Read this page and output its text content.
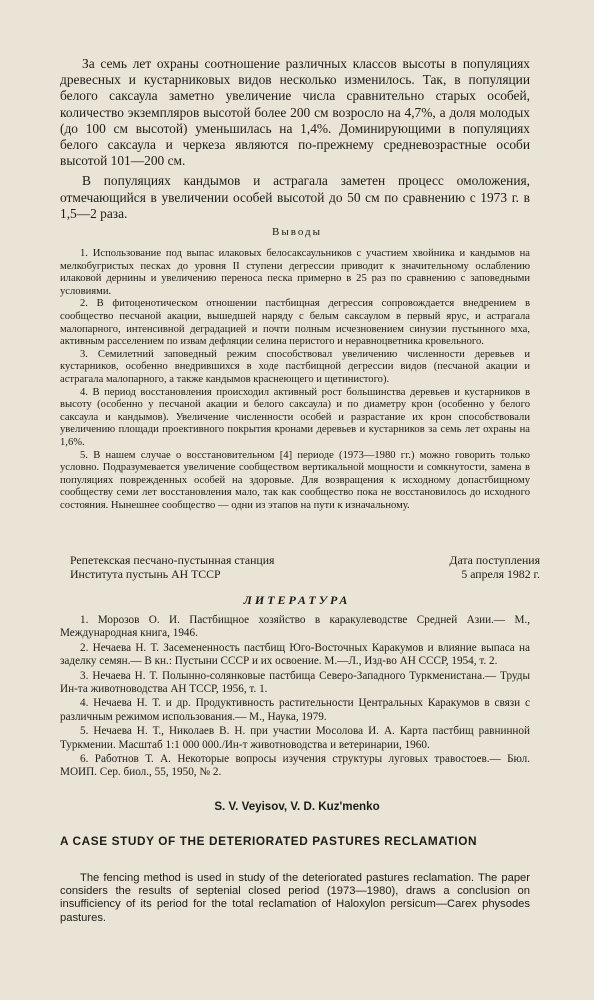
За семь лет охраны соотношение различных классов высоты в популяциях древесных и кустарниковых видов несколько изменилось. Так, в популяции белого саксаула заметно увеличение числа сравнительно старых особей, количество экземпляров высотой более 200 см возросло на 4,7%, а доля молодых (до 100 см высотой) уменьшилась на 1,4%. Доминирующими в популяциях белого саксаула и черкеза являются по-прежнему средневозрастные особи высотой 101—200 см.

В популяциях кандымов и астрагала заметен процесс омоложения, отмечающийся в увеличении особей высотой до 50 см по сравнению с 1973 г. в 1,5—2 раза.

Выводы

1. Использование под выпас илаковых белосаксаульников с участием хвойника и кандымов на мелкобугристых песках до уровня II ступени дегрессии приводит к значительному ослаблению илаковой дернины и увеличению переноса песка примерно в 25 раз по сравнению с заповедными условиями.

2. В фитоценотическом отношении пастбищная дегрессия сопровождается внедрением в сообщество песчаной акации, вышедшей наряду с белым саксаулом в первый ярус, и астрагала малопарного, интенсивной деградацией и почти полным исчезновением синузии пустынного мха, активным расселением по извам дефляции селина перистого и неравноцветника кровельного.

3. Семилетний заповедный режим способствовал увеличению численности деревьев и кустарников, особенно внедрившихся в ходе пастбищной дегрессии видов (песчаной акации и астрагала малопарного, а также кандымов краснеющего и щетинистого).

4. В период восстановления происходил активный рост большинства деревьев и кустарников в высоту (особенно у песчаной акации и белого саксаула) и по диаметру крон (особенно у белого саксаула и кандымов). Увеличение численности особей и разрастание их крон способствовали увеличению площади проективного покрытия кронами деревьев и кустарников за семь лет охраны на 1,6%.

5. В нашем случае о восстановительном [4] периоде (1973—1980 гг.) можно говорить только условно. Подразумевается увеличение сообществом вертикальной мощности и сомкнутости, замена в популяциях поврежденных особей на здоровые. Для возвращения к исходному допастбищному сообществу семи лет восстановления мало, так как сообщество пока не восстановилось до исходного состояния. Нынешнее сообщество — одни из этапов на пути к изначальному.

Репетекская песчано-пустынная станция
Института пустынь АН ТССР
Дата поступления
5 апреля 1982 г.
ЛИТЕРАТУРА

1. Морозов О. И. Пастбищное хозяйство в каракулеводстве Средней Азии.— М., Международная книга, 1946.

2. Нечаева Н. Т. Засемененность пастбищ Юго-Восточных Каракумов и влияние выпаса на заделку семян.— В кн.: Пустыни СССР и их освоение. М.—Л., Изд-во АН СССР, 1954, т. 2.

3. Нечаева Н. Т. Полынно-солянковые пастбища Северо-Западного Туркменистана.— Труды Ин-та животноводства АН ТССР, 1956, т. 1.

4. Нечаева Н. Т. и др. Продуктивность растительности Центральных Каракумов в связи с различным режимом использования.— М., Наука, 1979.

5. Нечаева Н. Т., Николаев В. Н. при участии Мосолова И. А. Карта пастбищ равнинной Туркмении. Масштаб 1:1 000 000./Ин-т животноводства и ветеринарии, 1960.

6. Работнов Т. А. Некоторые вопросы изучения структуры луговых травостоев.— Бюл. МОИП. Сер. биол., 55, 1950, № 2.

S. V. Veyisov, V. D. Kuz'menko
A CASE STUDY OF THE DETERIORATED PASTURES RECLAMATION

The fencing method is used in study of the deteriorated pastures reclamation. The paper considers the results of septenial closed period (1973—1980), draws a conclusion on insufficiency of its period for the total reclamation of Haloxylon persicum—Carex physodes pastures.
